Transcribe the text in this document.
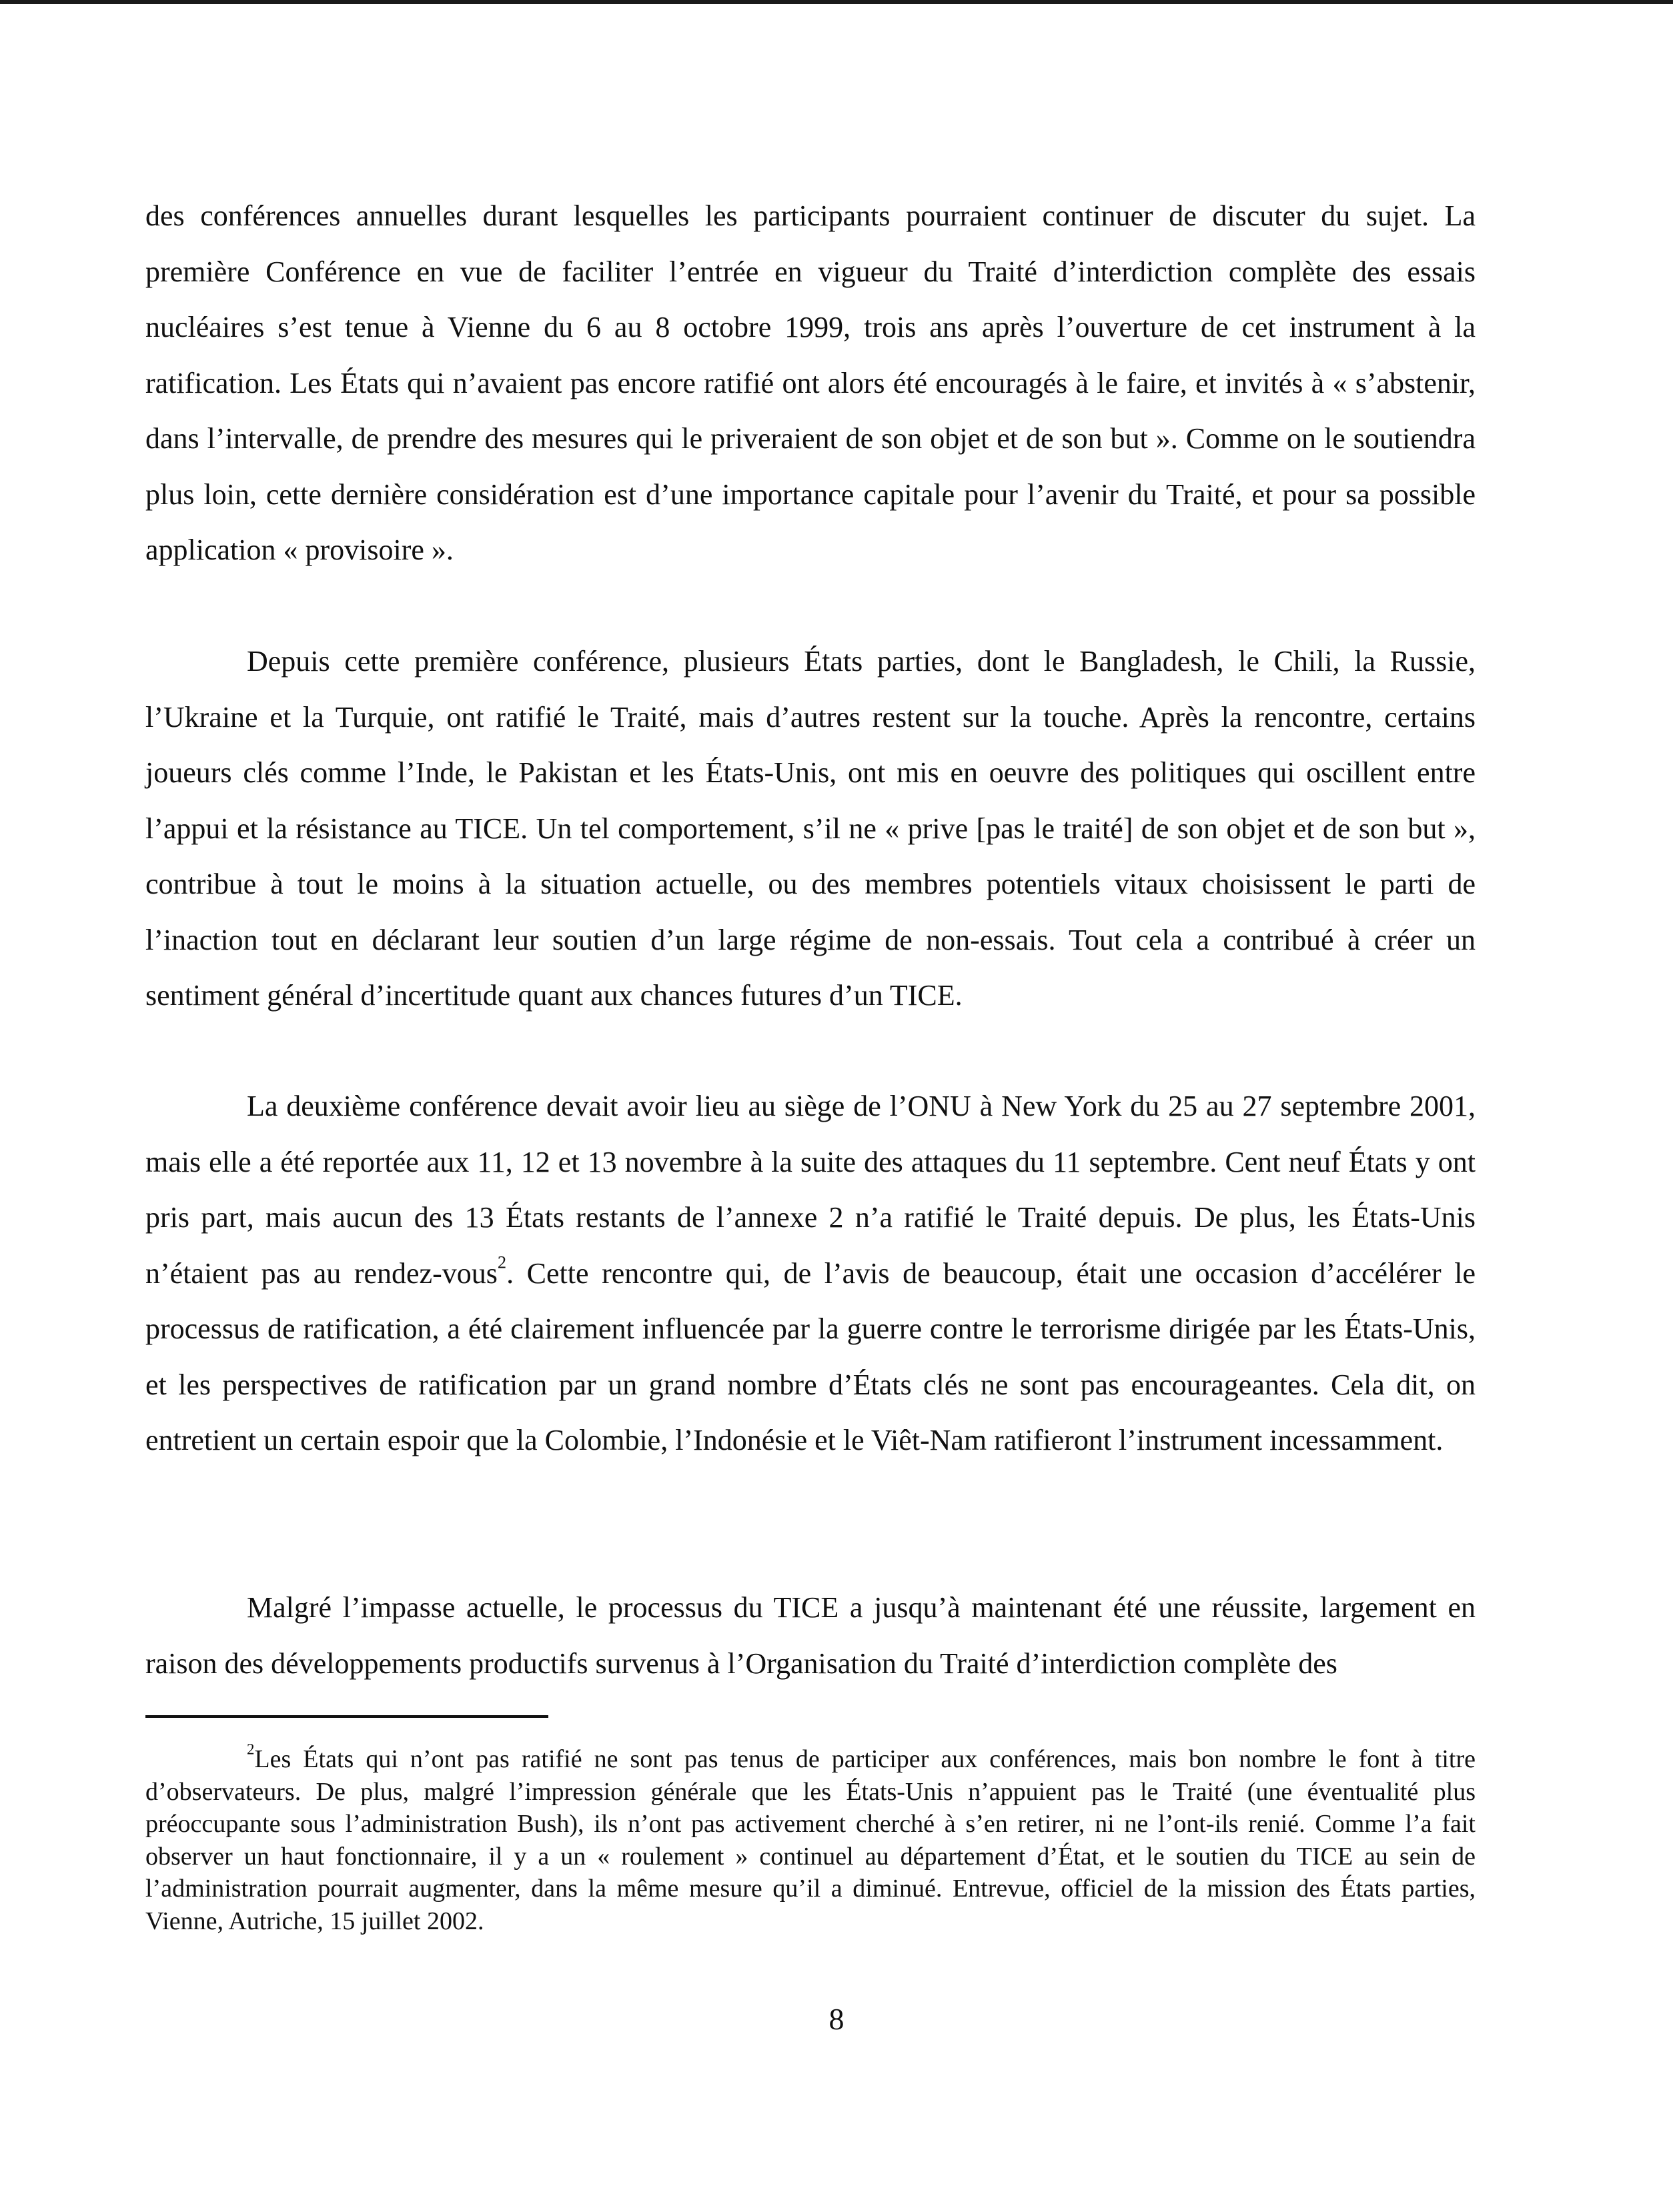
des conférences annuelles durant lesquelles les participants pourraient continuer de discuter du sujet. La première Conférence en vue de faciliter l’entrée en vigueur du Traité d’interdiction complète des essais nucléaires s’est tenue à Vienne du 6 au 8 octobre 1999, trois ans après l’ouverture de cet instrument à la ratification. Les États qui n’avaient pas encore ratifié ont alors été encouragés à le faire, et invités à « s’abstenir, dans l’intervalle, de prendre des mesures qui le priveraient de son objet et de son but ». Comme on le soutiendra plus loin, cette dernière considération est d’une importance capitale pour l’avenir du Traité, et pour sa possible application « provisoire ».

Depuis cette première conférence, plusieurs États parties, dont le Bangladesh, le Chili, la Russie, l’Ukraine et la Turquie, ont ratifié le Traité, mais d’autres restent sur la touche. Après la rencontre, certains joueurs clés comme l’Inde, le Pakistan et les États-Unis, ont mis en oeuvre des politiques qui oscillent entre l’appui et la résistance au TICE. Un tel comportement, s’il ne « prive [pas le traité] de son objet et de son but », contribue à tout le moins à la situation actuelle, ou des membres potentiels vitaux choisissent le parti de l’inaction tout en déclarant leur soutien d’un large régime de non-essais. Tout cela a contribué à créer un sentiment général d’incertitude quant aux chances futures d’un TICE.

La deuxième conférence devait avoir lieu au siège de l’ONU à New York du 25 au 27 septembre 2001, mais elle a été reportée aux 11, 12 et 13 novembre à la suite des attaques du 11 septembre. Cent neuf États y ont pris part, mais aucun des 13 États restants de l’annexe 2 n’a ratifié le Traité depuis. De plus, les États-Unis n’étaient pas au rendez-vous$^2$. Cette rencontre qui, de l’avis de beaucoup, était une occasion d’accélérer le processus de ratification, a été clairement influencée par la guerre contre le terrorisme dirigée par les États-Unis, et les perspectives de ratification par un grand nombre d’États clés ne sont pas encourageantes. Cela dit, on entretient un certain espoir que la Colombie, l’Indonésie et le Viêt-Nam ratifieront l’instrument incessamment.

Malgré l’impasse actuelle, le processus du TICE a jusqu’à maintenant été une réussite, largement en raison des développements productifs survenus à l’Organisation du Traité d’interdiction complète des

$^2$Les États qui n’ont pas ratifié ne sont pas tenus de participer aux conférences, mais bon nombre le font à titre d’observateurs. De plus, malgré l’impression générale que les États-Unis n’appuient pas le Traité (une éventualité plus préoccupante sous l’administration Bush), ils n’ont pas activement cherché à s’en retirer, ni ne l’ont-ils renié. Comme l’a fait observer un haut fonctionnaire, il y a un « roulement » continuel au département d’État, et le soutien du TICE au sein de l’administration pourrait augmenter, dans la même mesure qu’il a diminué. Entrevue, officiel de la mission des États parties, Vienne, Autriche, 15 juillet 2002.

8
